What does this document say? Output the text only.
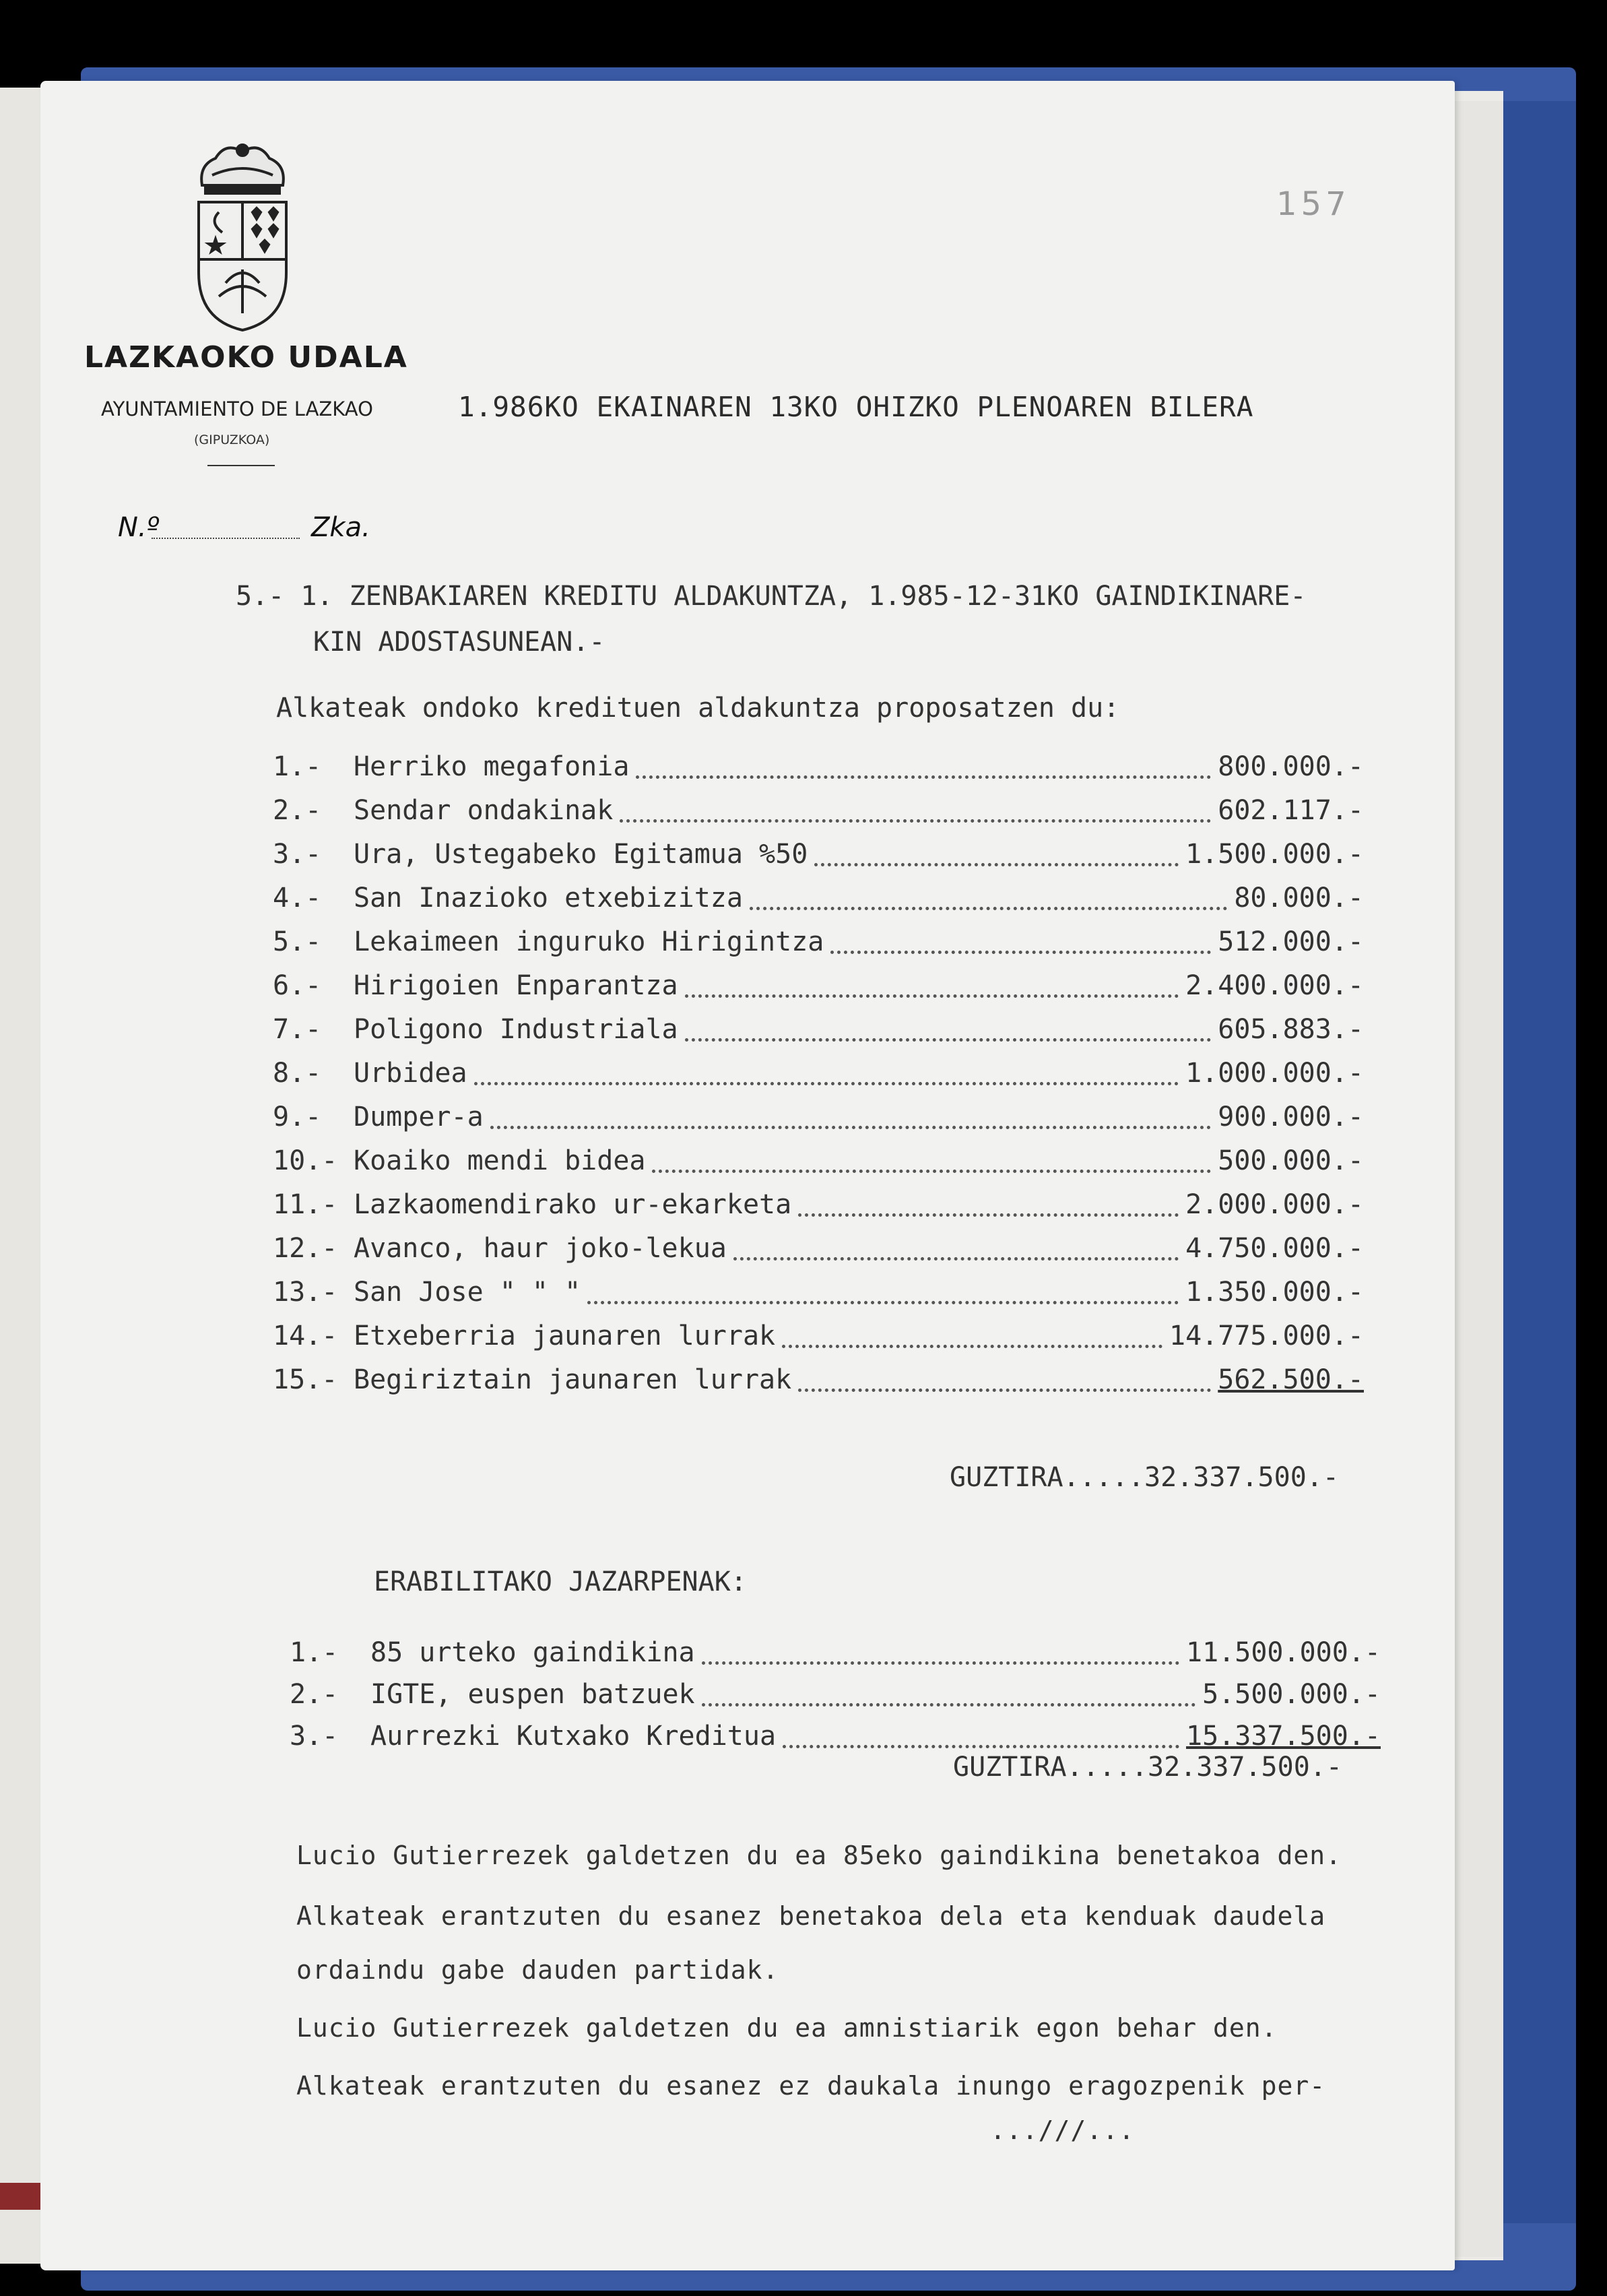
LAZKAOKO UDALA
AYUNTAMIENTO DE LAZKAO
(GIPUZKOA)
157
1.986KO EKAINAREN 13KO OHIZKO PLENOAREN BILERA
N.º	Zka.
5.- 1. ZENBAKIAREN KREDITU ALDAKUNTZA, 1.985-12-31KO GAINDIKINARE-
KIN ADOSTASUNEAN.-
Alkateak ondoko kredituen aldakuntza proposatzen du:
1.- Herriko megafonia	800.000.-
2.- Sendar ondakinak	602.117.-
3.- Ura, Ustegabeko Egitamua %50	1.500.000.-
4.- San Inazioko etxebizitza	80.000.-
5.- Lekaimeen inguruko Hirigintza	512.000.-
6.- Hirigoien Enparantza	2.400.000.-
7.- Poligono Industriala	605.883.-
8.- Urbidea	1.000.000.-
9.- Dumper-a	900.000.-
10.- Koaiko mendi bidea	500.000.-
11.- Lazkaomendirako ur-ekarketa	2.000.000.-
12.- Avanco, haur joko-lekua	4.750.000.-
13.- San Jose " " "	1.350.000.-
14.- Etxeberria jaunaren lurrak	14.775.000.-
15.- Begiriztain jaunaren lurrak	562.500.-
GUZTIRA.....32.337.500.-
ERABILITAKO JAZARPENAK:
1.- 85 urteko gaindikina	11.500.000.-
2.- IGTE, euspen batzuek	5.500.000.-
3.- Aurrezki Kutxako Kreditua	15.337.500.-
GUZTIRA.....32.337.500.-
Lucio Gutierrezek galdetzen du ea 85eko gaindikina benetakoa den.
Alkateak erantzuten du esanez benetakoa dela eta kenduak daudela
ordaindu gabe dauden partidak.
Lucio Gutierrezek galdetzen du ea amnistiarik egon behar den.
Alkateak erantzuten du esanez ez daukala inungo eragozpenik per-
...///...
